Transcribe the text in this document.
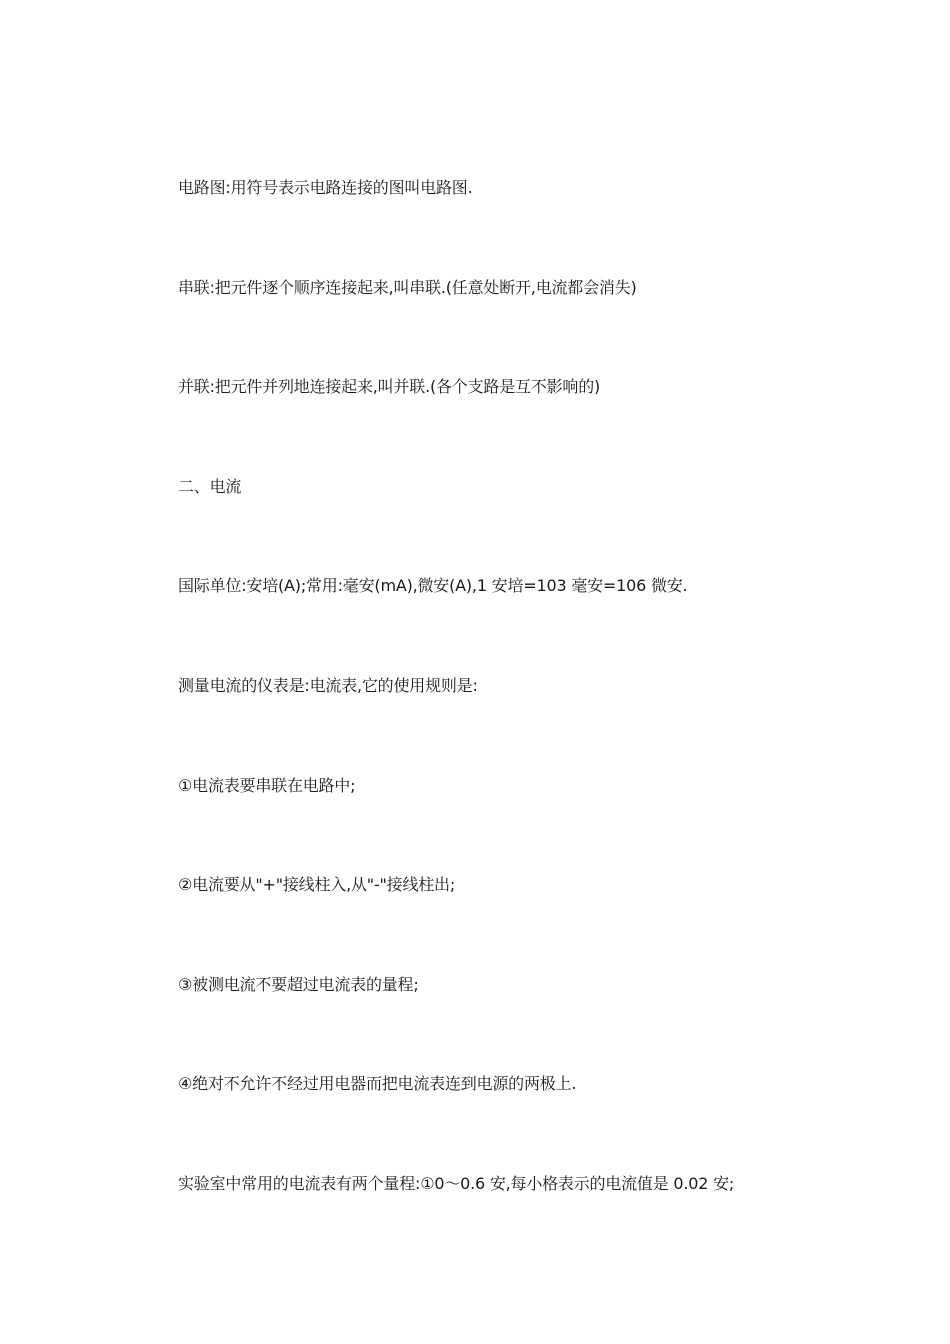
电路图:用符号表示电路连接的图叫电路图.

串联:把元件逐个顺序连接起来,叫串联.(任意处断开,电流都会消失)

并联:把元件并列地连接起来,叫并联.(各个支路是互不影响的)

二、电流

国际单位:安培(A);常用:毫安(mA),微安(A),1 安培=103 毫安=106 微安.

测量电流的仪表是:电流表,它的使用规则是:

①电流表要串联在电路中;

②电流要从"+"接线柱入,从"-"接线柱出;

③被测电流不要超过电流表的量程;

④绝对不允许不经过用电器而把电流表连到电源的两极上.

实验室中常用的电流表有两个量程:①0～0.6 安,每小格表示的电流值是 0.02 安;
